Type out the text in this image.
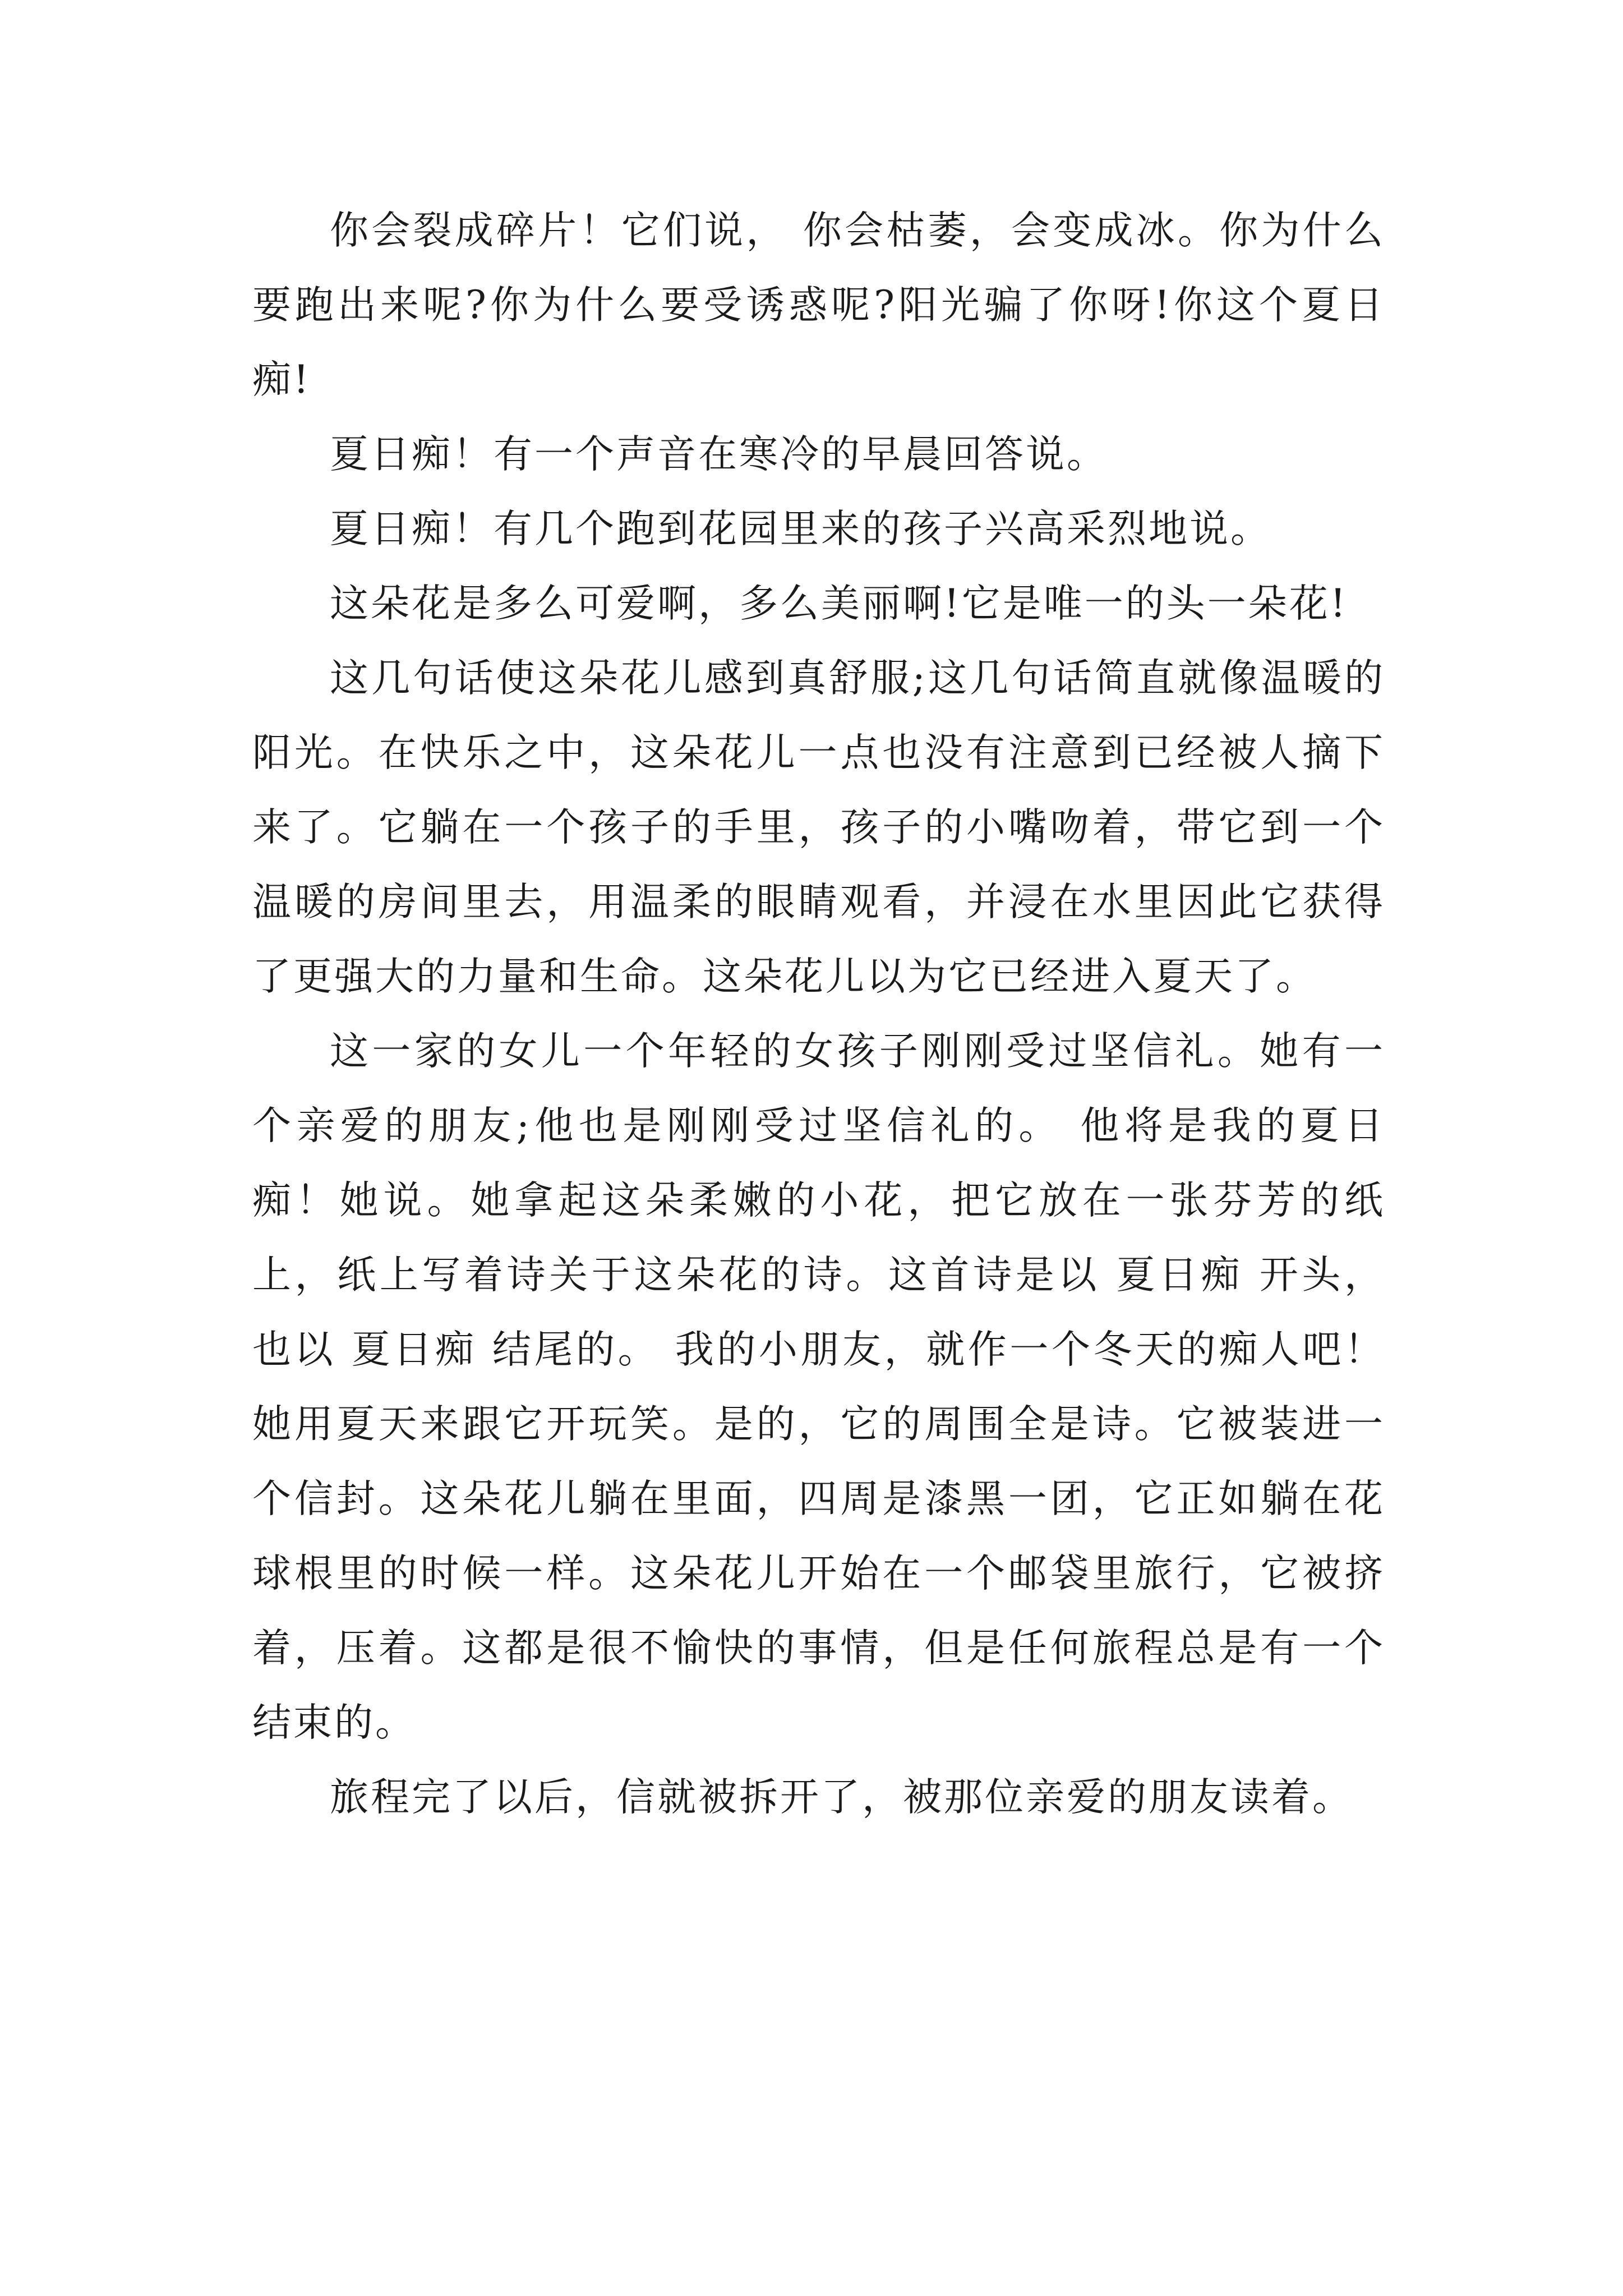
你会裂成碎片！它们说， 你会枯萎，会变成冰。你为什么要跑出来呢?你为什么要受诱惑呢?阳光骗了你呀!你这个夏日痴!

夏日痴！有一个声音在寒冷的早晨回答说。

夏日痴！有几个跑到花园里来的孩子兴高采烈地说。

这朵花是多么可爱啊，多么美丽啊!它是唯一的头一朵花!

这几句话使这朵花儿感到真舒服;这几句话简直就像温暖的阳光。在快乐之中，这朵花儿一点也没有注意到已经被人摘下来了。它躺在一个孩子的手里，孩子的小嘴吻着，带它到一个温暖的房间里去，用温柔的眼睛观看，并浸在水里因此它获得了更强大的力量和生命。这朵花儿以为它已经进入夏天了。

这一家的女儿一个年轻的女孩子刚刚受过坚信礼。她有一个亲爱的朋友;他也是刚刚受过坚信礼的。 他将是我的夏日痴！她说。她拿起这朵柔嫩的小花，把它放在一张芬芳的纸上，纸上写着诗关于这朵花的诗。这首诗是以 夏日痴 开头，也以 夏日痴 结尾的。 我的小朋友，就作一个冬天的痴人吧！她用夏天来跟它开玩笑。是的，它的周围全是诗。它被装进一个信封。这朵花儿躺在里面，四周是漆黑一团，它正如躺在花球根里的时候一样。这朵花儿开始在一个邮袋里旅行，它被挤着，压着。这都是很不愉快的事情，但是任何旅程总是有一个结束的。

旅程完了以后，信就被拆开了，被那位亲爱的朋友读着。
